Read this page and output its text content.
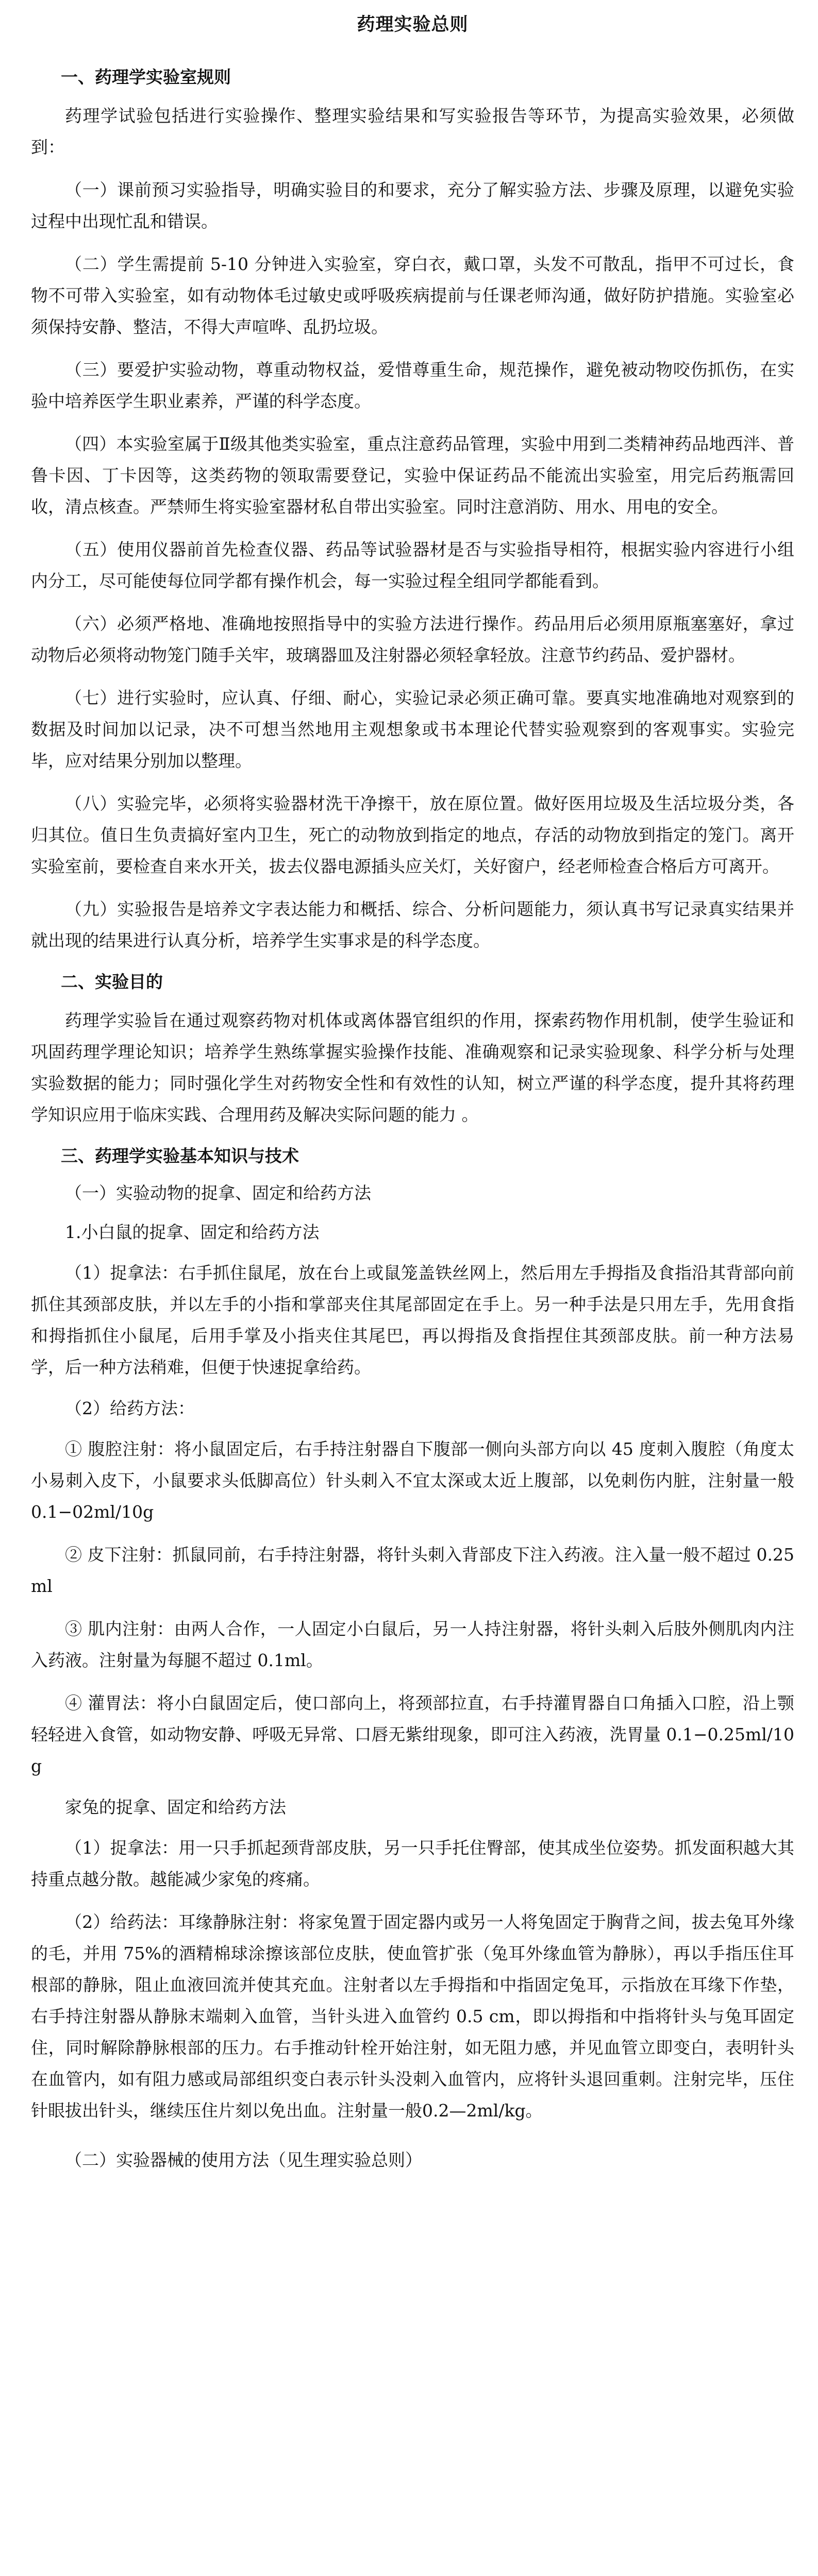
药理实验总则
一、药理学实验室规则

药理学试验包括进行实验操作、整理实验结果和写实验报告等环节，为提高实验效果，必须做到：

（一）课前预习实验指导，明确实验目的和要求，充分了解实验方法、步骤及原理，以避免实验过程中出现忙乱和错误。

（二）学生需提前 5-10 分钟进入实验室，穿白衣，戴口罩，头发不可散乱，指甲不可过长，食物不可带入实验室，如有动物体毛过敏史或呼吸疾病提前与任课老师沟通，做好防护措施。实验室必须保持安静、整洁，不得大声喧哗、乱扔垃圾。

（三）要爱护实验动物，尊重动物权益，爱惜尊重生命，规范操作，避免被动物咬伤抓伤，在实验中培养医学生职业素养，严谨的科学态度。

（四）本实验室属于Ⅱ级其他类实验室，重点注意药品管理，实验中用到二类精神药品地西泮、普鲁卡因、丁卡因等，这类药物的领取需要登记，实验中保证药品不能流出实验室，用完后药瓶需回收，清点核查。严禁师生将实验室器材私自带出实验室。同时注意消防、用水、用电的安全。

（五）使用仪器前首先检查仪器、药品等试验器材是否与实验指导相符，根据实验内容进行小组内分工，尽可能使每位同学都有操作机会，每一实验过程全组同学都能看到。

（六）必须严格地、准确地按照指导中的实验方法进行操作。药品用后必须用原瓶塞塞好，拿过动物后必须将动物笼门随手关牢，玻璃器皿及注射器必须轻拿轻放。注意节约药品、爱护器材。

（七）进行实验时，应认真、仔细、耐心，实验记录必须正确可靠。要真实地准确地对观察到的数据及时间加以记录，决不可想当然地用主观想象或书本理论代替实验观察到的客观事实。实验完毕，应对结果分别加以整理。

（八）实验完毕，必须将实验器材洗干净擦干，放在原位置。做好医用垃圾及生活垃圾分类，各归其位。值日生负责搞好室内卫生，死亡的动物放到指定的地点，存活的动物放到指定的笼门。离开实验室前，要检查自来水开关，拔去仪器电源插头应关灯，关好窗户，经老师检查合格后方可离开。

（九）实验报告是培养文字表达能力和概括、综合、分析问题能力，须认真书写记录真实结果并就出现的结果进行认真分析，培养学生实事求是的科学态度。

二、实验目的

药理学实验旨在通过观察药物对机体或离体器官组织的作用，探索药物作用机制，使学生验证和巩固药理学理论知识；培养学生熟练掌握实验操作技能、准确观察和记录实验现象、科学分析与处理实验数据的能力；同时强化学生对药物安全性和有效性的认知，树立严谨的科学态度，提升其将药理学知识应用于临床实践、合理用药及解决实际问题的能力 。

三、药理学实验基本知识与技术
（一）实验动物的捉拿、固定和给药方法
1.小白鼠的捉拿、固定和给药方法

（1）捉拿法：右手抓住鼠尾，放在台上或鼠笼盖铁丝网上，然后用左手拇指及食指沿其背部向前抓住其颈部皮肤，并以左手的小指和掌部夹住其尾部固定在手上。另一种手法是只用左手，先用食指和拇指抓住小鼠尾，后用手掌及小指夹住其尾巴，再以拇指及食指捏住其颈部皮肤。前一种方法易学，后一种方法稍难，但便于快速捉拿给药。

（2）给药方法：

① 腹腔注射：将小鼠固定后，右手持注射器自下腹部一侧向头部方向以 45 度刺入腹腔（角度太小易刺入皮下，小鼠要求头低脚高位）针头刺入不宜太深或太近上腹部，以免刺伤内脏，注射量一般 0.1−02ml/10g

② 皮下注射：抓鼠同前，右手持注射器，将针头刺入背部皮下注入药液。注入量一般不超过 0.25ml

③ 肌内注射：由两人合作，一人固定小白鼠后，另一人持注射器，将针头刺入后肢外侧肌肉内注入药液。注射量为每腿不超过 0.1ml。

④ 灌胃法：将小白鼠固定后，使口部向上，将颈部拉直，右手持灌胃器自口角插入口腔，沿上颚轻轻进入食管，如动物安静、呼吸无异常、口唇无紫绀现象，即可注入药液，洗胃量 0.1−0.25ml/10g

家兔的捉拿、固定和给药方法

（1）捉拿法：用一只手抓起颈背部皮肤，另一只手托住臀部，使其成坐位姿势。抓发面积越大其持重点越分散。越能减少家兔的疼痛。

（2）给药法：耳缘静脉注射：将家兔置于固定器内或另一人将兔固定于胸背之间，拔去兔耳外缘的毛，并用 75%的酒精棉球涂擦该部位皮肤，使血管扩张（兔耳外缘血管为静脉），再以手指压住耳根部的静脉，阻止血液回流并使其充血。注射者以左手拇指和中指固定兔耳，示指放在耳缘下作垫，右手持注射器从静脉末端刺入血管，当针头进入血管约 0.5 cm，即以拇指和中指将针头与兔耳固定住，同时解除静脉根部的压力。右手推动针栓开始注射，如无阻力感，并见血管立即变白，表明针头在血管内，如有阻力感或局部组织变白表示针头没刺入血管内，应将针头退回重刺。注射完毕，压住针眼拔出针头，继续压住片刻以免出血。注射量一般0.2—2ml/kg。

（二）实验器械的使用方法（见生理实验总则）
